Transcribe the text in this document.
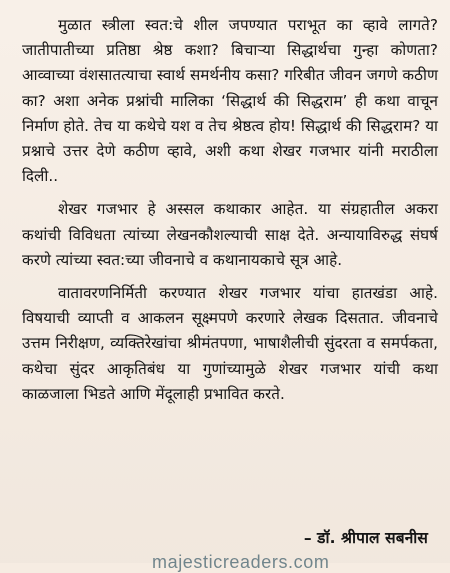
मुळात स्त्रीला स्वत:चे शील जपण्यात पराभूत का व्हावे लागते? जातीपातीच्या प्रतिष्ठा श्रेष्ठ कशा? बिचाऱ्या सिद्धार्थचा गुन्हा कोणता? आव्वाच्या वंशसातत्याचा स्वार्थ समर्थनीय कसा? गरिबीत जीवन जगणे कठीण का? अशा अनेक प्रश्नांची मालिका ‘सिद्धार्थ की सिद्धराम’ ही कथा वाचून निर्माण होते. तेच या कथेचे यश व तेच श्रेष्ठत्व होय! सिद्धार्थ की सिद्धराम? या प्रश्नाचे उत्तर देणे कठीण व्हावे, अशी कथा शेखर गजभार यांनी मराठीला दिली..

शेखर गजभार हे अस्सल कथाकार आहेत. या संग्रहातील अकरा कथांची विविधता त्यांच्या लेखनकौशल्याची साक्ष देते. अन्यायाविरुद्ध संघर्ष करणे त्यांच्या स्वत:च्या जीवनाचे व कथानायकाचे सूत्र आहे.

वातावरणनिर्मिती करण्यात शेखर गजभार यांचा हातखंडा आहे. विषयाची व्याप्ती व आकलन सूक्ष्मपणे करणारे लेखक दिसतात. जीवनाचे उत्तम निरीक्षण, व्यक्तिरेखांचा श्रीमंतपणा, भाषाशैलीची सुंदरता व समर्पकता, कथेचा सुंदर आकृतिबंध या गुणांच्यामुळे शेखर गजभार यांची कथा काळजाला भिडते आणि मेंदूलाही प्रभावित करते.

– डॉ. श्रीपाल सबनीस
majesticreaders.com
